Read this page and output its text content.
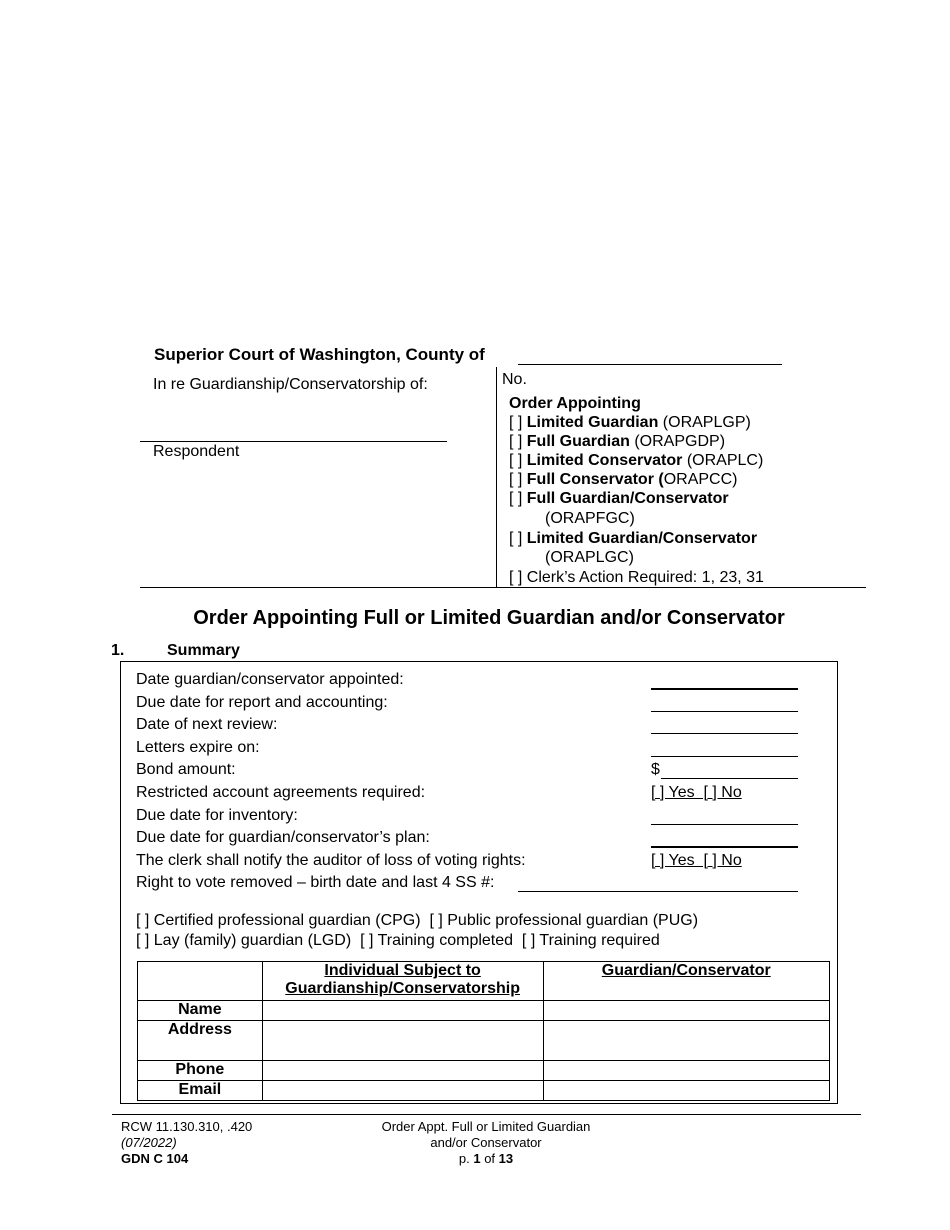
Superior Court of Washington, County of
In re Guardianship/Conservatorship of:
Respondent
No.
Order Appointing
[ ] Limited Guardian (ORAPLGP)
[ ] Full Guardian (ORAPGDP)
[ ] Limited Conservator (ORAPLC)
[ ] Full Conservator (ORAPCC)
[ ] Full Guardian/Conservator
(ORAPFGC)
[ ] Limited Guardian/Conservator
(ORAPLGC)
[ ] Clerk’s Action Required: 1, 23, 31
Order Appointing Full or Limited Guardian and/or Conservator
1.	Summary
Date guardian/conservator appointed:
Due date for report and accounting:
Date of next review:
Letters expire on:
Bond amount:	$
Restricted account agreements required:	[ ] Yes  [ ] No
Due date for inventory:
Due date for guardian/conservator’s plan:
The clerk shall notify the auditor of loss of voting rights:	[ ] Yes  [ ] No
Right to vote removed – birth date and last 4 SS #:
[ ] Certified professional guardian (CPG)  [ ] Public professional guardian (PUG)
[ ] Lay (family) guardian (LGD)  [ ] Training completed  [ ] Training required

	Individual Subject to
Guardianship/Conservatorship	Guardian/Conservator
Name		
Address		
Phone		
Email		
RCW 11.130.310, .420
(07/2022)
GDN C 104
Order Appt. Full or Limited Guardian
and/or Conservator
p. 1 of 13
